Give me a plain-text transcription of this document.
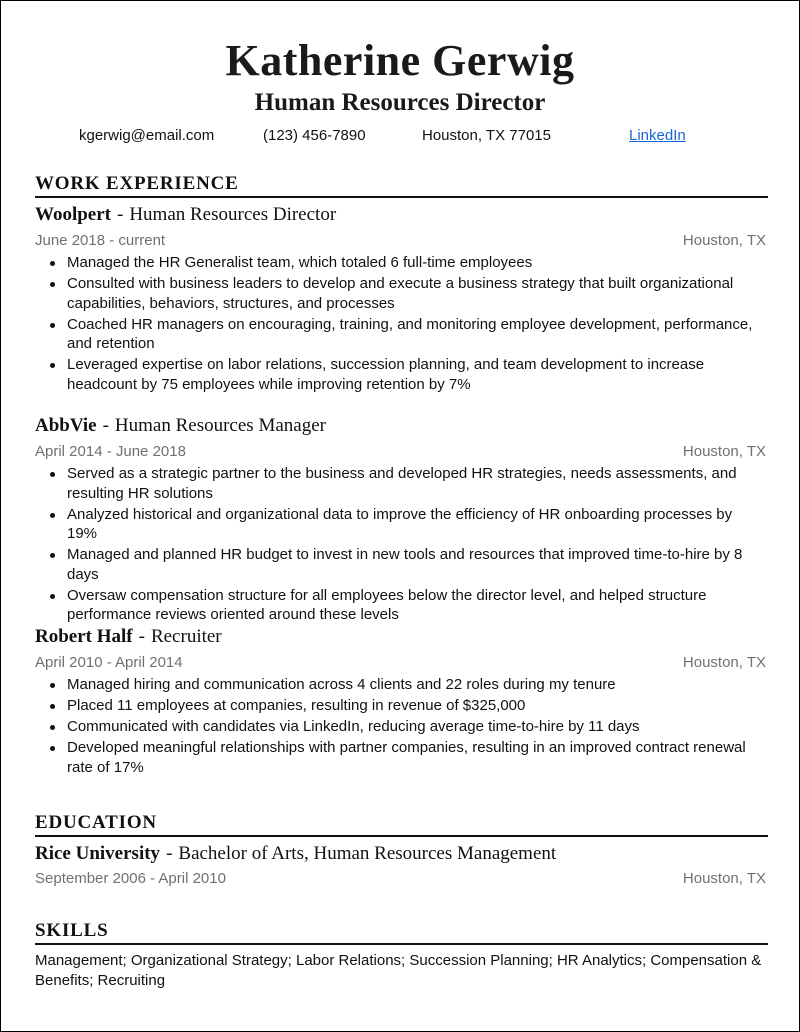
Katherine Gerwig
Human Resources Director
kgerwig@email.com	(123) 456-7890	Houston, TX 77015	LinkedIn
WORK EXPERIENCE
Woolpert - Human Resources Director
June 2018 - current	Houston, TX
Managed the HR Generalist team, which totaled 6 full-time employees
Consulted with business leaders to develop and execute a business strategy that built organizational capabilities, behaviors, structures, and processes
Coached HR managers on encouraging, training, and monitoring employee development, performance, and retention
Leveraged expertise on labor relations, succession planning, and team development to increase headcount by 75 employees while improving retention by 7%
AbbVie - Human Resources Manager
April 2014 - June 2018	Houston, TX
Served as a strategic partner to the business and developed HR strategies, needs assessments, and resulting HR solutions
Analyzed historical and organizational data to improve the efficiency of HR onboarding processes by 19%
Managed and planned HR budget to invest in new tools and resources that improved time-to-hire by 8 days
Oversaw compensation structure for all employees below the director level, and helped structure performance reviews oriented around these levels
Robert Half - Recruiter
April 2010 - April 2014	Houston, TX
Managed hiring and communication across 4 clients and 22 roles during my tenure
Placed 11 employees at companies, resulting in revenue of $325,000
Communicated with candidates via LinkedIn, reducing average time-to-hire by 11 days
Developed meaningful relationships with partner companies, resulting in an improved contract renewal rate of 17%
EDUCATION
Rice University - Bachelor of Arts, Human Resources Management
September 2006 - April 2010	Houston, TX
SKILLS
Management; Organizational Strategy; Labor Relations; Succession Planning; HR Analytics; Compensation & Benefits; Recruiting
